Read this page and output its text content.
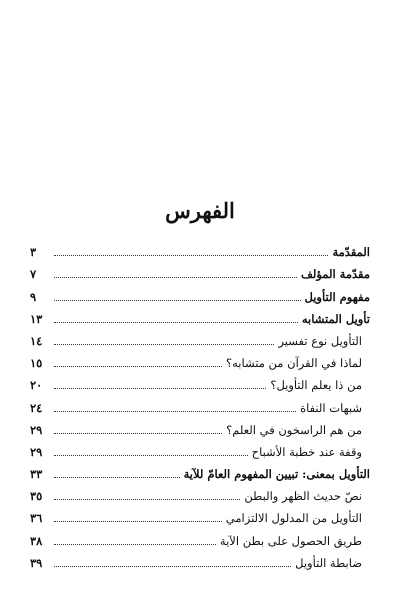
الفهرس
المقدّمة
٣
مقدّمة المؤلف
٧
مفهوم التأويل
٩
تأويل المتشابه
١٣
التأويل نوع تفسير
١٤
لماذا في القرآن من متشابه؟
١٥
من ذا يعلم التأويل؟
٢٠
شبهات النفاة
٢٤
من هم الراسخون في العلم؟
٢٩
وقفة عند خطبة الأشباح
٢٩
التأويل بمعنى: تبيين المفهوم العامّ للآية
٣٣
نصّ حديث الظهر والبطن
٣٥
التأويل من المدلول الالتزامي
٣٦
طريق الحصول على بطن الآية
٣٨
ضابطة التأويل
٣٩
